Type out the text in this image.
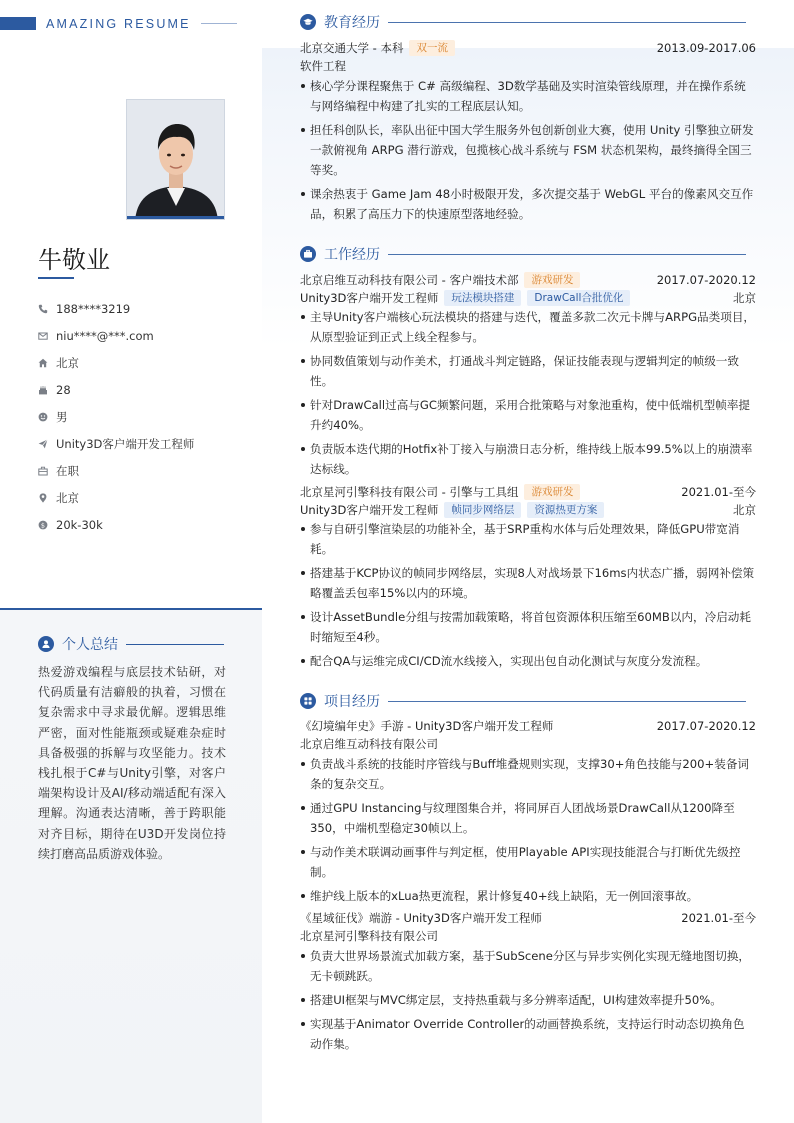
AMAZING RESUME
牛敬业
188****3219
niu****@***.com
北京
28
男
Unity3D客户端开发工程师
在职
北京
$ 20k-30k
个人总结
热爱游戏编程与底层技术钻研，对代码质量有洁癖般的执着，习惯在复杂需求中寻求最优解。逻辑思维严密，面对性能瓶颈或疑难杂症时具备极强的拆解与攻坚能力。技术栈扎根于C#与Unity引擎，对客户端架构设计及AI/移动端适配有深入理解。沟通表达清晰，善于跨职能对齐目标，期待在U3D开发岗位持续打磨高品质游戏体验。
教育经历
北京交通大学 - 本科	双一流	2013.09-2017.06
软件工程
核心学分课程聚焦于 C# 高级编程、3D数学基础及实时渲染管线原理，并在操作系统与网络编程中构建了扎实的工程底层认知。
担任科创队长，率队出征中国大学生服务外包创新创业大赛，使用 Unity 引擎独立研发一款俯视角 ARPG 潜行游戏，包揽核心战斗系统与 FSM 状态机架构，最终摘得全国三等奖。
课余热衷于 Game Jam 48小时极限开发，多次提交基于 WebGL 平台的像素风交互作品，积累了高压力下的快速原型落地经验。
工作经历
北京启维互动科技有限公司 - 客户端技术部	游戏研发	2017.07-2020.12
Unity3D客户端开发工程师	玩法模块搭建	DrawCall合批优化	北京
主导Unity客户端核心玩法模块的搭建与迭代，覆盖多款二次元卡牌与ARPG品类项目，从原型验证到正式上线全程参与。
协同数值策划与动作美术，打通战斗判定链路，保证技能表现与逻辑判定的帧级一致性。
针对DrawCall过高与GC频繁问题，采用合批策略与对象池重构，使中低端机型帧率提升约40%。
负责版本迭代期的Hotfix补丁接入与崩溃日志分析，维持线上版本99.5%以上的崩溃率达标线。
北京星河引擎科技有限公司 - 引擎与工具组	游戏研发	2021.01-至今
Unity3D客户端开发工程师	帧同步网络层	资源热更方案	北京
参与自研引擎渲染层的功能补全，基于SRP重构水体与后处理效果，降低GPU带宽消耗。
搭建基于KCP协议的帧同步网络层，实现8人对战场景下16ms内状态广播，弱网补偿策略覆盖丢包率15%以内的环境。
设计AssetBundle分组与按需加载策略，将首包资源体积压缩至60MB以内，冷启动耗时缩短至4秒。
配合QA与运维完成CI/CD流水线接入，实现出包自动化测试与灰度分发流程。
项目经历
《幻境编年史》手游 - Unity3D客户端开发工程师	2017.07-2020.12
北京启维互动科技有限公司
负责战斗系统的技能时序管线与Buff堆叠规则实现，支撑30+角色技能与200+装备词条的复杂交互。
通过GPU Instancing与纹理图集合并，将同屏百人团战场景DrawCall从1200降至350，中端机型稳定30帧以上。
与动作美术联调动画事件与判定框，使用Playable API实现技能混合与打断优先级控制。
维护线上版本的xLua热更流程，累计修复40+线上缺陷，无一例回滚事故。
《星域征伐》端游 - Unity3D客户端开发工程师	2021.01-至今
北京星河引擎科技有限公司
负责大世界场景流式加载方案，基于SubScene分区与异步实例化实现无缝地图切换，无卡顿跳跃。
搭建UI框架与MVC绑定层，支持热重载与多分辨率适配，UI构建效率提升50%。
实现基于Animator Override Controller的动画替换系统，支持运行时动态切换角色动作集。
